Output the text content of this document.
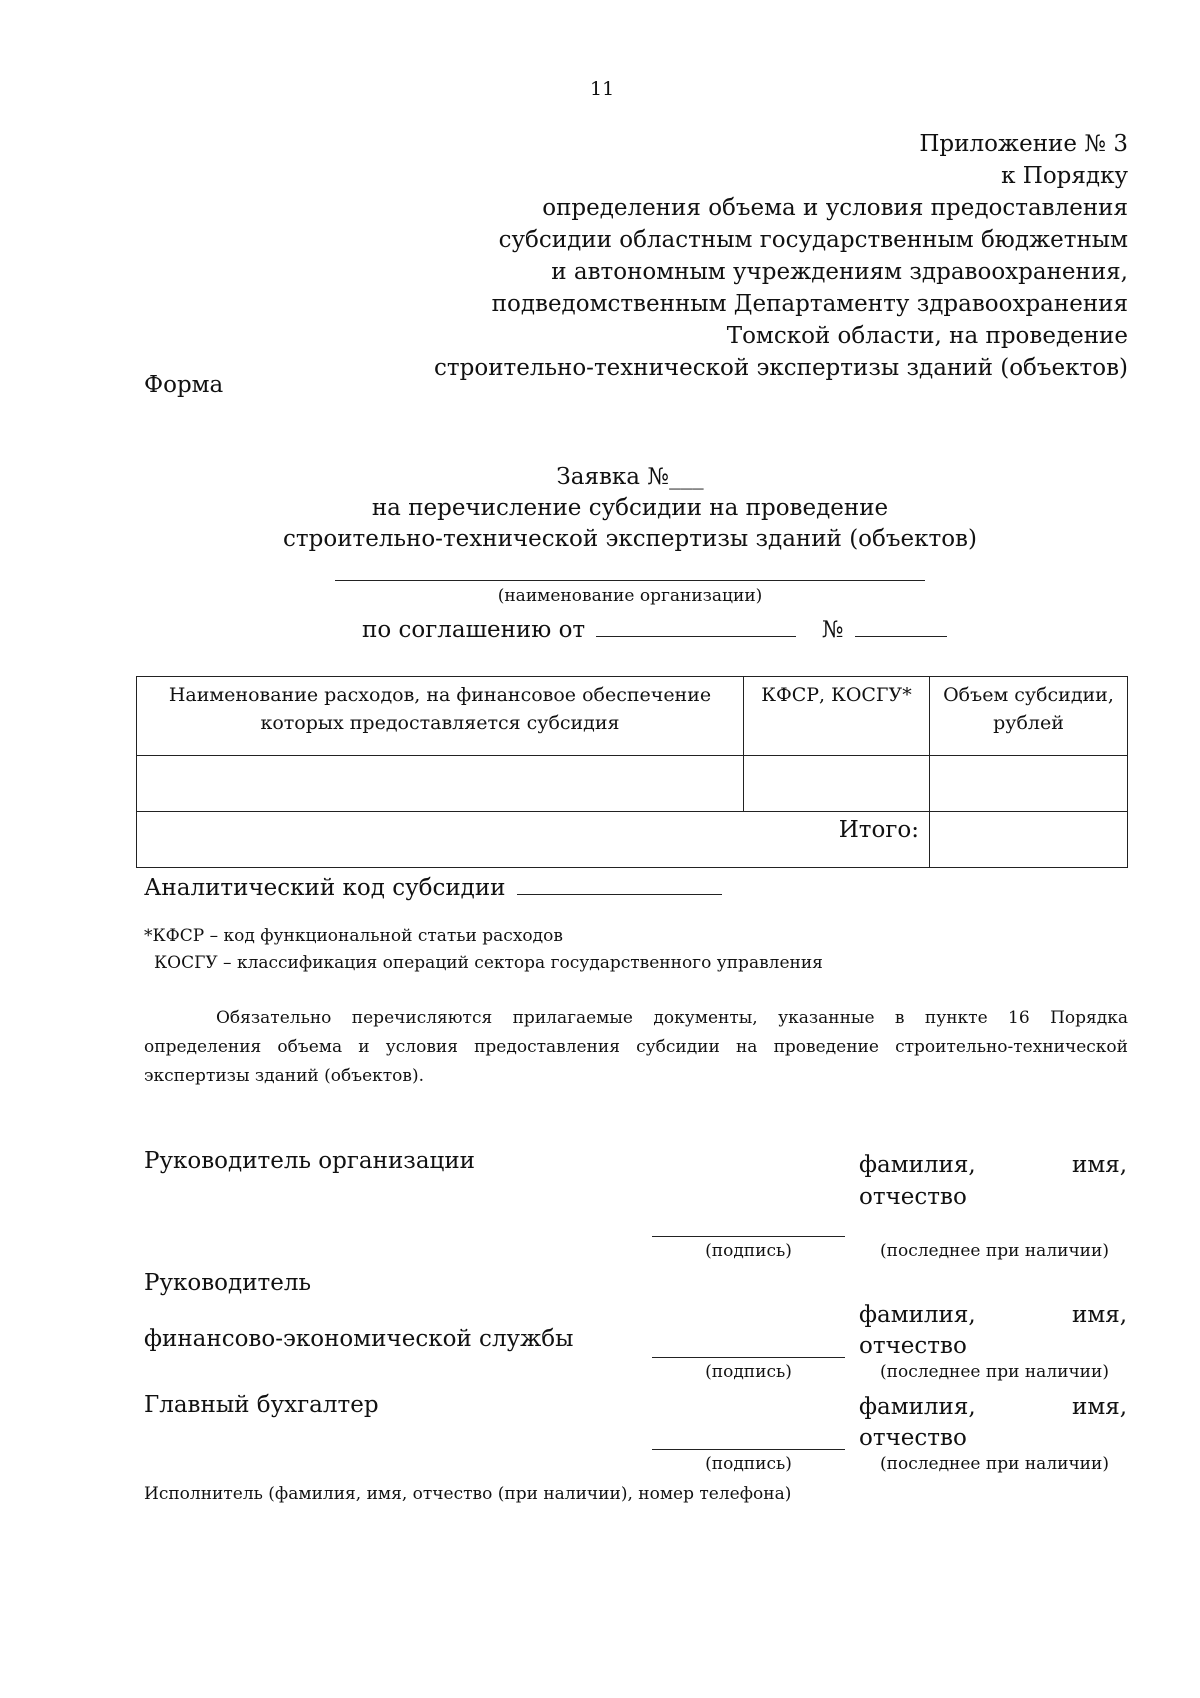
11
Приложение № 3
к Порядку
определения объема и условия предоставления
субсидии областным государственным бюджетным
и автономным учреждениям здравоохранения,
подведомственным Департаменту здравоохранения
Томской области, на проведение
строительно-технической экспертизы зданий (объектов)
Форма
Заявка №___
на перечисление субсидии на проведение
строительно-технической экспертизы зданий (объектов)
(наименование организации)
по соглашению от	№
Наименование расходов, на финансовое обеспечение которых предоставляется субсидия	КФСР, КОСГУ*	Объем субсидии, рублей

Итого:		
Аналитический код субсидии
*КФСР – код функциональной статьи расходов
КОСГУ – классификация операций сектора государственного управления
Обязательно перечисляются прилагаемые документы, указанные в пункте 16 Порядка определения объема и условия предоставления субсидии на проведение строительно-технической экспертизы зданий (объектов).
Руководитель организации	фамилия,	имя,
отчество
(подпись)	(последнее при наличии)
Руководитель
финансово-экономической службы
фамилия,	имя,
отчество
(подпись)	(последнее при наличии)
Главный бухгалтер	фамилия,	имя,
отчество
(подпись)	(последнее при наличии)
Исполнитель (фамилия, имя, отчество (при наличии), номер телефона)
